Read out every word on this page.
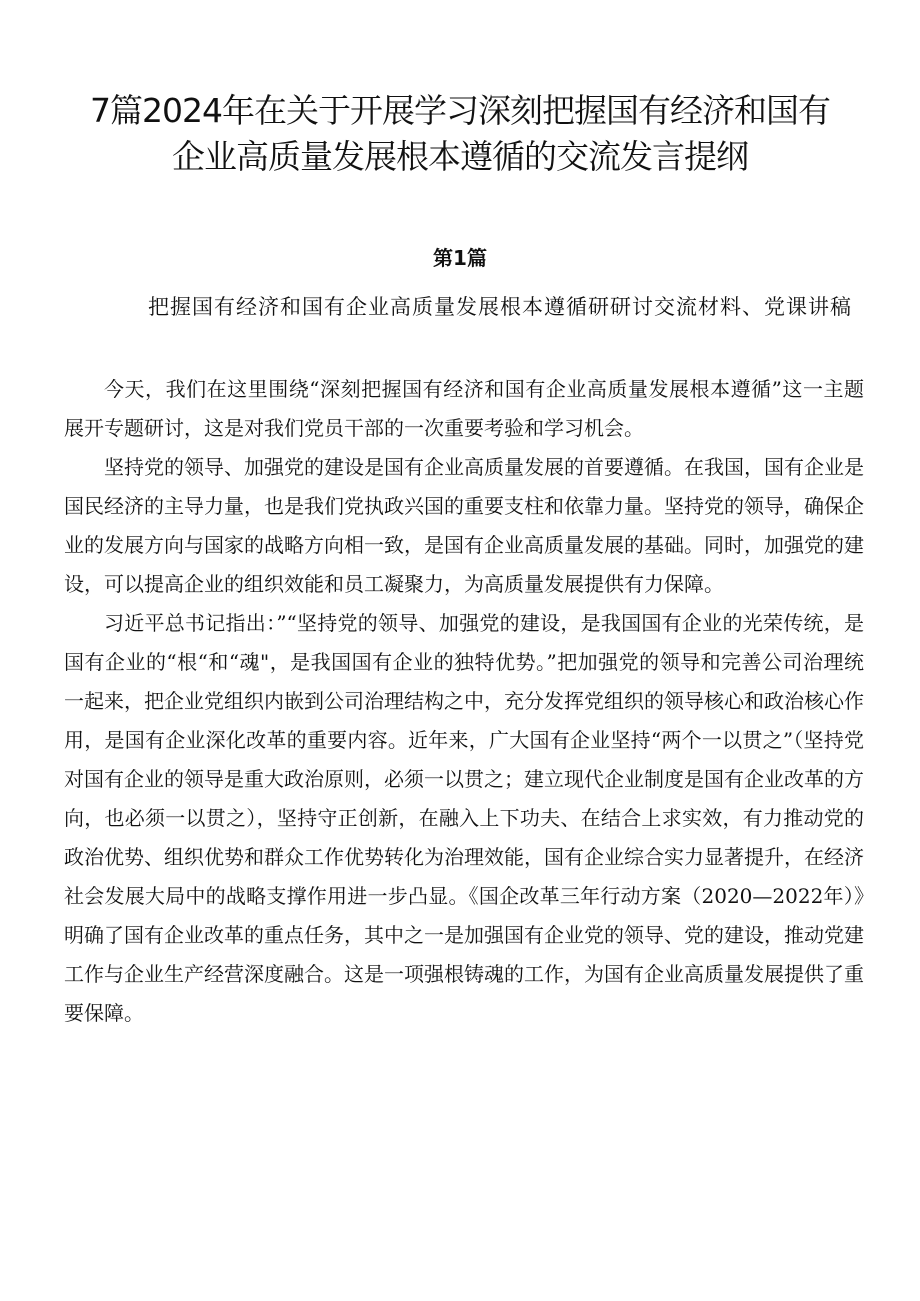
7篇2024年在关于开展学习深刻把握国有经济和国有
企业高质量发展根本遵循的交流发言提纲
第1篇

把握国有经济和国有企业高质量发展根本遵循研研讨交流材料、党课讲稿

今天，我们在这里围绕“深刻把握国有经济和国有企业高质量发展根本遵循”这一主题展开专题研讨，这是对我们党员干部的一次重要考验和学习机会。

坚持党的领导、加强党的建设是国有企业高质量发展的首要遵循。在我国，国有企业是国民经济的主导力量，也是我们党执政兴国的重要支柱和依靠力量。坚持党的领导，确保企业的发展方向与国家的战略方向相一致，是国有企业高质量发展的基础。同时，加强党的建设，可以提高企业的组织效能和员工凝聚力，为高质量发展提供有力保障。

习近平总书记指出：”“坚持党的领导、加强党的建设，是我国国有企业的光荣传统，是国有企业的“根“和“魂"，是我国国有企业的独特优势。”把加强党的领导和完善公司治理统一起来，把企业党组织内嵌到公司治理结构之中，充分发挥党组织的领导核心和政治核心作用，是国有企业深化改革的重要内容。近年来，广大国有企业坚持“两个一以贯之”（坚持党对国有企业的领导是重大政治原则，必须一以贯之；建立现代企业制度是国有企业改革的方向，也必须一以贯之），坚持守正创新，在融入上下功夫、在结合上求实效，有力推动党的政治优势、组织优势和群众工作优势转化为治理效能，国有企业综合实力显著提升，在经济社会发展大局中的战略支撑作用进一步凸显。《国企改革三年行动方案（2020—2022年）》明确了国有企业改革的重点任务，其中之一是加强国有企业党的领导、党的建设，推动党建工作与企业生产经营深度融合。这是一项强根铸魂的工作，为国有企业高质量发展提供了重要保障。
